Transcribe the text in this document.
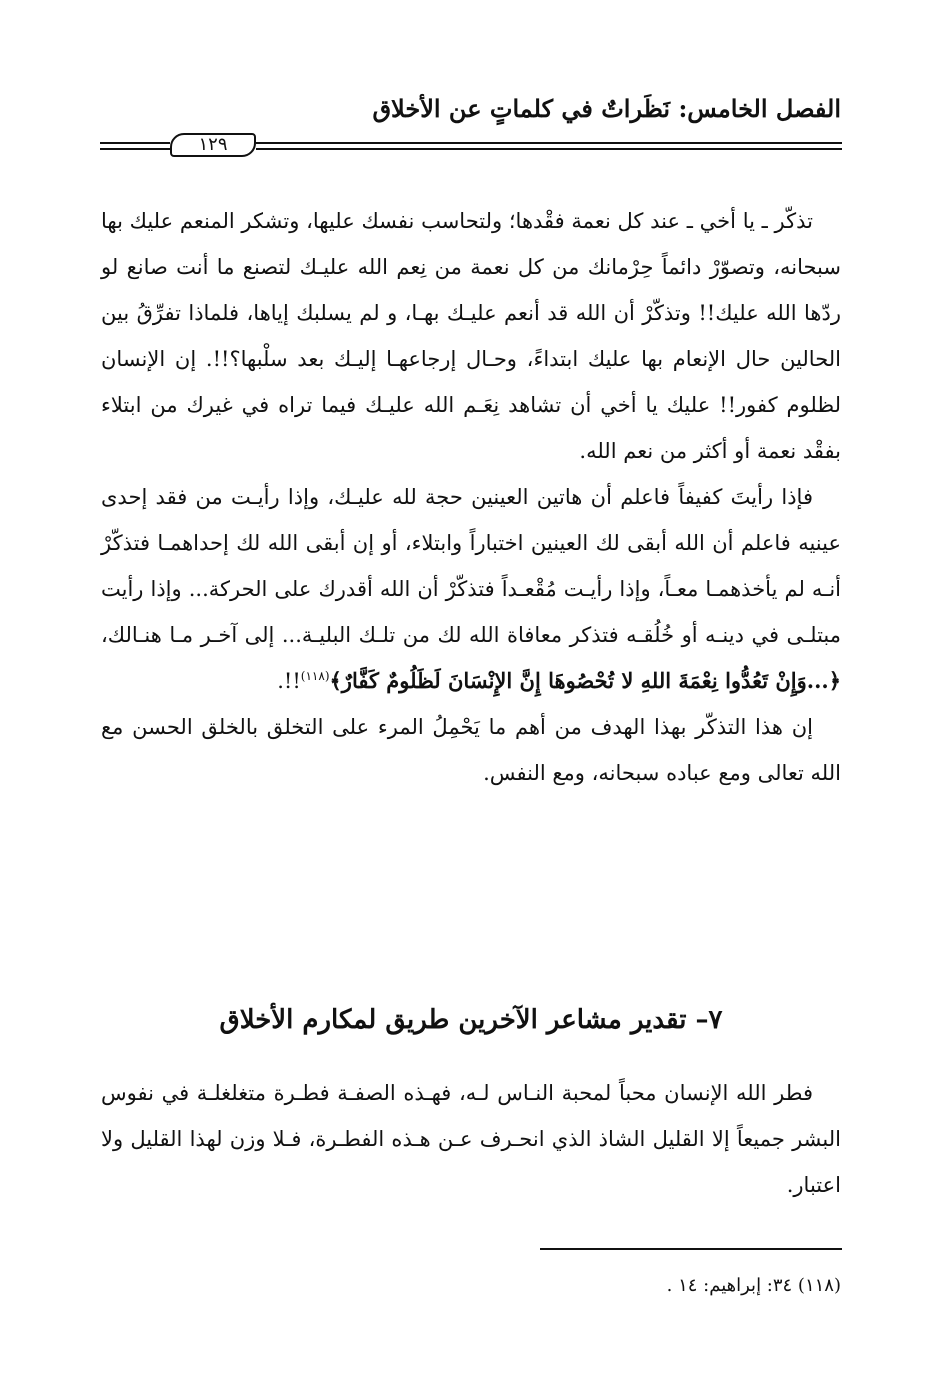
الفصل الخامس: نَظَراتٌ في كلماتٍ عن الأخلاق
١٢٩

تذكّر ـ يا أخي ـ عند كل نعمة فقْدها؛ ولتحاسب نفسك عليها، وتشكر المنعم عليك بها سبحانه، وتصوّرْ دائماً حِرْمانك من كل نعمة من نِعم الله عليـك لتصنع ما أنت صانع لو ردّها الله عليك!! وتذكّرْ أن الله قد أنعم عليـك بهـا، و لم يسلبك إياها، فلماذا تفرِّقُ بين الحالين حال الإنعام بها عليك ابتداءً، وحـال إرجاعهـا إليـك بعد سلْبها؟!!. إن الإنسان لظلوم كفور!! عليك يا أخي أن تشاهد نِعَـم الله عليـك فيما تراه في غيرك من ابتلاء بفقْد نعمة أو أكثر من نعم الله.

فإذا رأيتَ كفيفاً فاعلم أن هاتين العينين حجة لله عليـك، وإذا رأيـت من فقد إحدى عينيه فاعلم أن الله أبقى لك العينين اختباراً وابتلاء، أو إن أبقى الله لك إحداهمـا فتذكّرْ أنـه لم يأخذهمـا معـاً، وإذا رأيـت مُقْعـداً فتذكّرْ أن الله أقدرك على الحركة... وإذا رأيت مبتلـى في دينـه أو خُلُقـه فتذكر معافاة الله لك من تلـك البليـة... إلى آخـر مـا هنـالك، ﴿...وَإِنْ تَعُدُّوا نِعْمَةَ اللهِ لا تُحْصُوهَا إِنَّ الإِنْسَانَ لَظَلُومٌ كَفَّارٌ﴾$^{(١١٨)}$!!.

إن هذا التذكّر بهذا الهدف من أهم ما يَحْمِلُ المرء على التخلق بالخلق الحسن مع الله تعالى ومع عباده سبحانه، ومع النفس.

٧– تقدير مشاعر الآخرين طريق لمكارم الأخلاق

فطر الله الإنسان محباً لمحبة النـاس لـه، فهـذه الصفـة فطـرة متغلغلـة في نفوس البشر جميعاً إلا القليل الشاذ الذي انحـرف عـن هـذه الفطـرة، فـلا وزن لهذا القليل ولا اعتبار.

(١١٨) ٣٤: إبراهيم: ١٤ .
